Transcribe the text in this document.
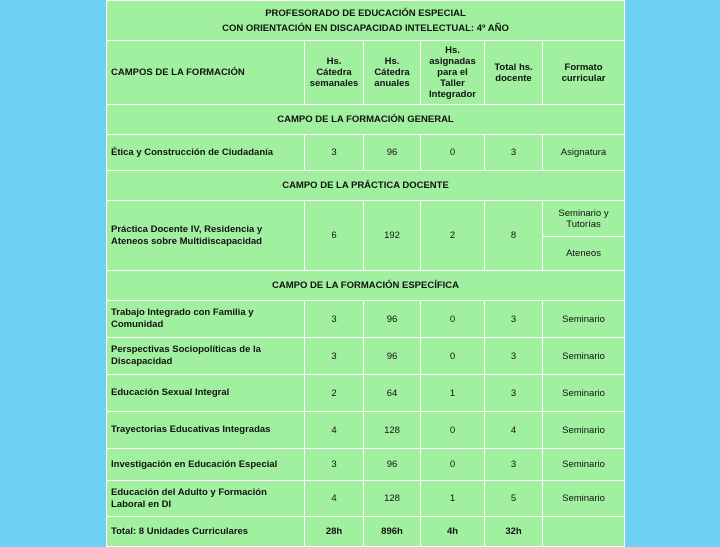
PROFESORADO DE EDUCACIÓN ESPECIAL
CON ORIENTACIÓN EN DISCAPACIDAD INTELECTUAL: 4º AÑO					

CAMPOS DE LA FORMACIÓN	Hs. Cátedra semanales	Hs. Cátedra anuales	Hs. asignadas para el Taller Integrador	Total hs. docente	Formato curricular
CAMPO DE LA FORMACIÓN GENERAL					
Ética y Construcción de Ciudadanía	3	96	0	3	Asignatura
CAMPO DE LA PRÁCTICA DOCENTE					
Práctica Docente IV, Residencia y Ateneos sobre Multidiscapacidad	6	192	2	8	Seminario y Tutorías
					Ateneos
CAMPO DE LA FORMACIÓN ESPECÍFICA					
Trabajo Integrado con Familia y Comunidad	3	96	0	3	Seminario
Perspectivas Sociopolíticas de la Discapacidad	3	96	0	3	Seminario
Educación Sexual Integral	2	64	1	3	Seminario
Trayectorias Educativas Integradas	4	128	0	4	Seminario
Investigación en Educación Especial	3	96	0	3	Seminario
Educación del Adulto y Formación Laboral en DI	4	128	1	5	Seminario
Total: 8 Unidades Curriculares	28h	896h	4h	32h	
